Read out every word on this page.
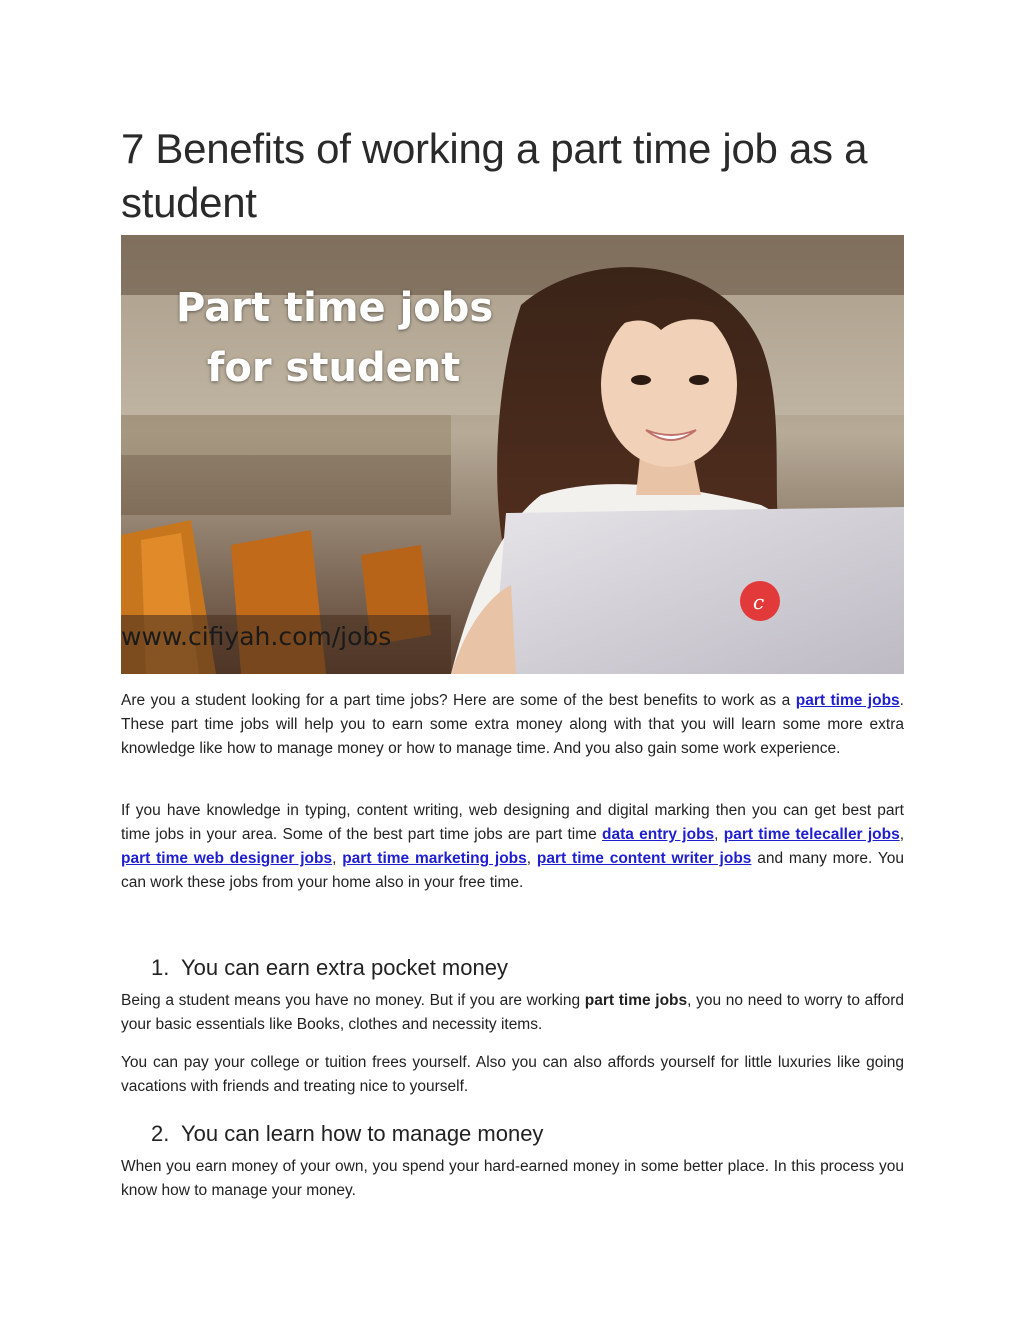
7 Benefits of working a part time job as a student
c
Part time jobs
for student
www.cifiyah.com/jobs

Are you a student looking for a part time jobs? Here are some of the best benefits to work as a part time jobs. These part time jobs will help you to earn some extra money along with that you will learn some more extra knowledge like how to manage money or how to manage time. And you also gain some work experience.

If you have knowledge in typing, content writing, web designing and digital marking then you can get best part time jobs in your area. Some of the best part time jobs are part time data entry jobs, part time telecaller jobs, part time web designer jobs, part time marketing jobs, part time content writer jobs and many more. You can work these jobs from your home also in your free time.

1. You can earn extra pocket money

Being a student means you have no money. But if you are working part time jobs, you no need to worry to afford your basic essentials like Books, clothes and necessity items.

You can pay your college or tuition frees yourself. Also you can also affords yourself for little luxuries like going vacations with friends and treating nice to yourself.

2. You can learn how to manage money

When you earn money of your own, you spend your hard-earned money in some better place. In this process you know how to manage your money.
